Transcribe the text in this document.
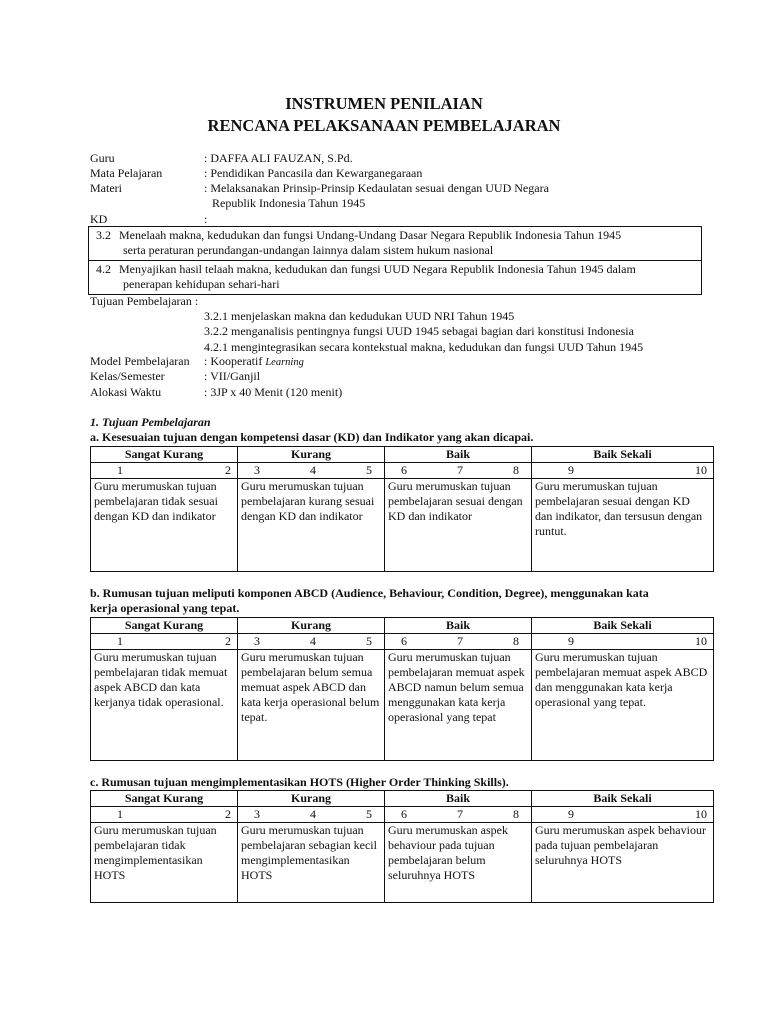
INSTRUMEN PENILAIAN
RENCANA PELAKSANAAN PEMBELAJARAN
Guru	: DAFFA ALI FAUZAN, S.Pd.
Mata Pelajaran	: Pendidikan Pancasila dan Kewarganegaraan
Materi	: Melaksanakan Prinsip-Prinsip Kedaulatan sesuai dengan UUD Negara
Republik Indonesia Tahun 1945
KD	:
3.2 Menelaah makna, kedudukan dan fungsi Undang-Undang Dasar Negara Republik Indonesia Tahun 1945
serta peraturan perundangan-undangan lainnya dalam sistem hukum nasional
4.2 Menyajikan hasil telaah makna, kedudukan dan fungsi UUD Negara Republik Indonesia Tahun 1945 dalam
penerapan kehidupan sehari-hari
Tujuan Pembelajaran :
3.2.1 menjelaskan makna dan kedudukan UUD NRI Tahun 1945
3.2.2 menganalisis pentingnya fungsi UUD 1945 sebagai bagian dari konstitusi Indonesia
4.2.1 mengintegrasikan secara kontekstual makna, kedudukan dan fungsi UUD Tahun 1945
Model Pembelajaran : Kooperatif Learning
Kelas/Semester	: VII/Ganjil
Alokasi Waktu	: 3JP x 40 Menit (120 menit)
1. Tujuan Pembelajaran
a. Kesesuaian tujuan dengan kompetensi dasar (KD) dan Indikator yang akan dicapai.
Sangat Kurang	Kurang	Baik	Baik Sekali

1 2	3 4 5	6 7 8	9 10

Guru merumuskan tujuan pembelajaran tidak sesuai dengan KD dan indikator	Guru merumuskan tujuan pembelajaran kurang sesuai dengan KD dan indikator	Guru merumuskan tujuan pembelajaran sesuai dengan KD dan indikator	Guru merumuskan tujuan pembelajaran sesuai dengan KD dan indikator, dan tersusun dengan runtut.
b. Rumusan tujuan meliputi komponen ABCD (Audience, Behaviour, Condition, Degree), menggunakan kata
kerja operasional yang tepat.
Sangat Kurang	Kurang	Baik	Baik Sekali

1 2	3 4 5	6 7 8	9 10

Guru merumuskan tujuan pembelajaran tidak memuat aspek ABCD dan kata kerjanya tidak operasional.	Guru merumuskan tujuan pembelajaran belum semua memuat aspek ABCD dan kata kerja operasional belum tepat.	Guru merumuskan tujuan pembelajaran memuat aspek ABCD namun belum semua menggunakan kata kerja operasional yang tepat	Guru merumuskan tujuan pembelajaran memuat aspek ABCD dan menggunakan kata kerja operasional yang tepat.
c. Rumusan tujuan mengimplementasikan HOTS (Higher Order Thinking Skills).
Sangat Kurang	Kurang	Baik	Baik Sekali

1 2	3 4 5	6 7 8	9 10

Guru merumuskan tujuan pembelajaran tidak mengimplementasikan HOTS	Guru merumuskan tujuan pembelajaran sebagian kecil mengimplementasikan HOTS	Guru merumuskan aspek behaviour pada tujuan pembelajaran belum seluruhnya HOTS	Guru merumuskan aspek behaviour pada tujuan pembelajaran seluruhnya HOTS
